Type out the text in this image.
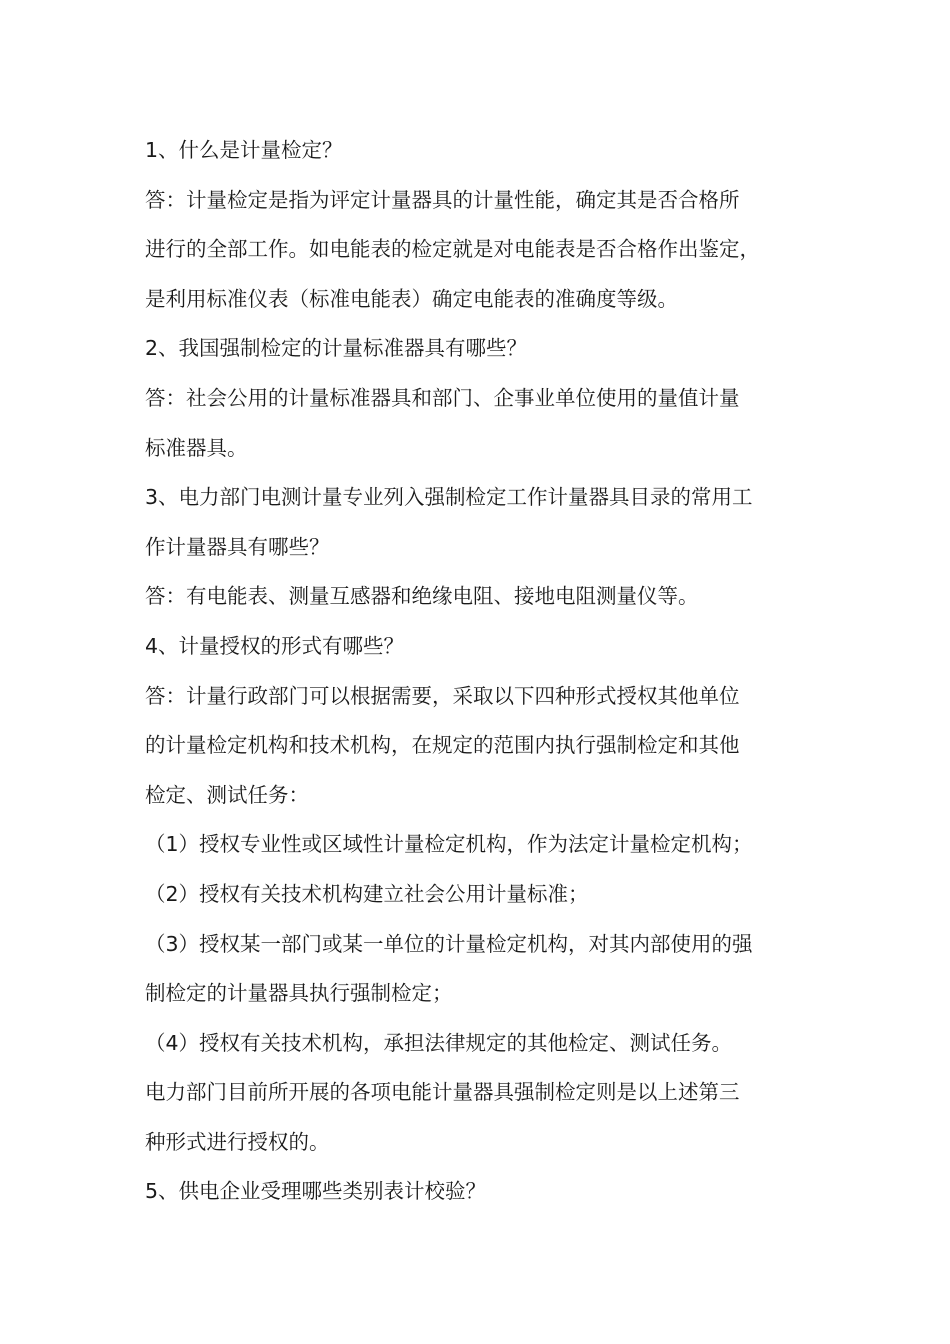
1、什么是计量检定？
答：计量检定是指为评定计量器具的计量性能，确定其是否合格所
进行的全部工作。如电能表的检定就是对电能表是否合格作出鉴定，
是利用标准仪表（标准电能表）确定电能表的准确度等级。
2、我国强制检定的计量标准器具有哪些？
答：社会公用的计量标准器具和部门、企事业单位使用的量值计量
标准器具。
3、电力部门电测计量专业列入强制检定工作计量器具目录的常用工
作计量器具有哪些？
答：有电能表、测量互感器和绝缘电阻、接地电阻测量仪等。
4、计量授权的形式有哪些？
答：计量行政部门可以根据需要，采取以下四种形式授权其他单位
的计量检定机构和技术机构，在规定的范围内执行强制检定和其他
检定、测试任务：
（1）授权专业性或区域性计量检定机构，作为法定计量检定机构；
（2）授权有关技术机构建立社会公用计量标准；
（3）授权某一部门或某一单位的计量检定机构，对其内部使用的强
制检定的计量器具执行强制检定；
（4）授权有关技术机构，承担法律规定的其他检定、测试任务。
电力部门目前所开展的各项电能计量器具强制检定则是以上述第三
种形式进行授权的。
5、供电企业受理哪些类别表计校验？
